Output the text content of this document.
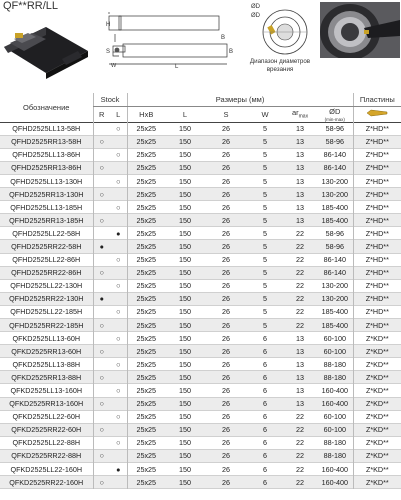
QF**RR/LL
H
B
S	B
W	L
ØD
ØD
Диапазон диаметров врезания
Обозначение	Stock		Размеры (мм)						Пластины
	R	L	HxB	L	S	W	$ar_{max}$	ØD
(min-max)

QFHD2525LL13-58H		○	25x25	150	26	5	13	58-96	Z*HD**
QFHD2525RR13-58H	○		25x25	150	26	5	13	58-96	Z*HD**
QFHD2525LL13-86H		○	25x25	150	26	5	13	86-140	Z*HD**
QFHD2525RR13-86H	○		25x25	150	26	5	13	86-140	Z*HD**
QFHD2525LL13-130H		○	25x25	150	26	5	13	130-200	Z*HD**
QFHD2525RR13-130H	○		25x25	150	26	5	13	130-200	Z*HD**
QFHD2525LL13-185H		○	25x25	150	26	5	13	185-400	Z*HD**
QFHD2525RR13-185H	○		25x25	150	26	5	13	185-400	Z*HD**
QFHD2525LL22-58H		●	25x25	150	26	5	22	58-96	Z*HD**
QFHD2525RR22-58H	●		25x25	150	26	5	22	58-96	Z*HD**
QFHD2525LL22-86H		○	25x25	150	26	5	22	86-140	Z*HD**
QFHD2525RR22-86H	○		25x25	150	26	5	22	86-140	Z*HD**
QFHD2525LL22-130H		○	25x25	150	26	5	22	130-200	Z*HD**
QFHD2525RR22-130H	●		25x25	150	26	5	22	130-200	Z*HD**
QFHD2525LL22-185H		○	25x25	150	26	5	22	185-400	Z*HD**
QFHD2525RR22-185H	○		25x25	150	26	5	22	185-400	Z*HD**
QFKD2525LL13-60H		○	25x25	150	26	6	13	60-100	Z*KD**
QFKD2525RR13-60H	○		25x25	150	26	6	13	60-100	Z*KD**
QFKD2525LL13-88H		○	25x25	150	26	6	13	88-180	Z*KD**
QFKD2525RR13-88H	○		25x25	150	26	6	13	88-180	Z*KD**
QFKD2525LL13-160H		○	25x25	150	26	6	13	160-400	Z*KD**
QFKD2525RR13-160H	○		25x25	150	26	6	13	160-400	Z*KD**
QFKD2525LL22-60H		○	25x25	150	26	6	22	60-100	Z*KD**
QFKD2525RR22-60H	○		25x25	150	26	6	22	60-100	Z*KD**
QFKD2525LL22-88H		○	25x25	150	26	6	22	88-180	Z*KD**
QFKD2525RR22-88H	○		25x25	150	26	6	22	88-180	Z*KD**
QFKD2525LL22-160H		●	25x25	150	26	6	22	160-400	Z*KD**
QFKD2525RR22-160H	○		25x25	150	26	6	22	160-400	Z*KD**
